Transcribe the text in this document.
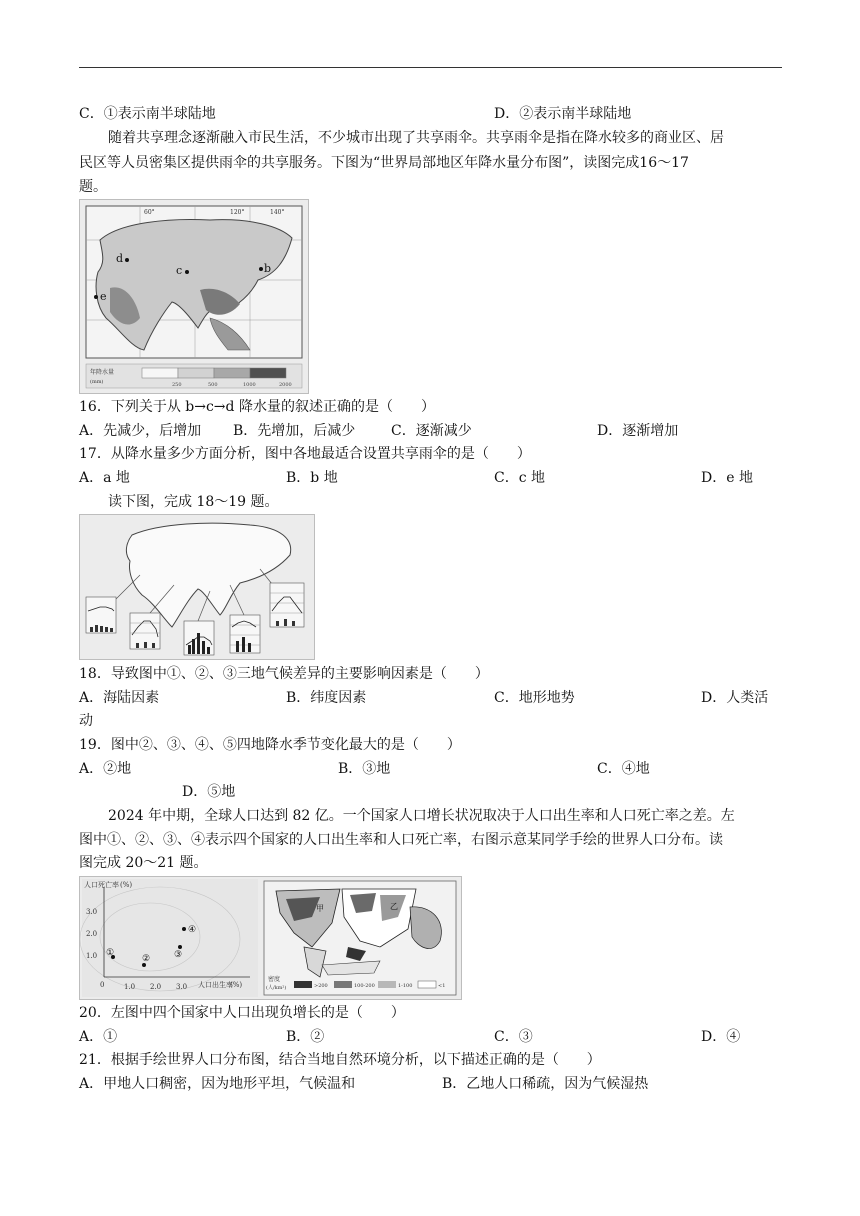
C．①表示南半球陆地	D．②表示南半球陆地
随着共享理念逐渐融入市民生活，不少城市出现了共享雨伞。共享雨伞是指在降水较多的商业区、居
民区等人员密集区提供雨伞的共享服务。下图为“世界局部地区年降水量分布图”，读图完成16～17
题。
60°	120°	140°
d
c	b
e
年降水量
(mm)	250	500	1000	2000
16．下列关于从 b→c→d 降水量的叙述正确的是（　　）
A．先减少，后增加 B．先增加，后减少	C．逐渐减少	D．逐渐增加
17．从降水量多少方面分析，图中各地最适合设置共享雨伞的是（　　）
A．a 地	B．b 地	C．c 地	D．e 地
读下图，完成 18～19 题。
18．导致图中①、②、③三地气候差异的主要影响因素是（　　）
A．海陆因素	B．纬度因素	C．地形地势	D．人类活
动
19．图中②、③、④、⑤四地降水季节变化最大的是（　　）
A．②地	B．③地	C．④地
D．⑤地
2024 年中期，全球人口达到 82 亿。一个国家人口增长状况取决于人口出生率和人口死亡率之差。左
图中①、②、③、④表示四个国家的人口出生率和人口死亡率，右图示意某同学手绘的世界人口分布。读
图完成 20～21 题。
人口死亡率 (%)
3.0
2.0
1.0
0	1.0 2.0 3.0 人口出生率
(%)
①
②	③
④
甲	乙
密度
(人/km²)	>200	100-200	1-100	<1
20．左图中四个国家中人口出现负增长的是（　　）
A．①	B．②	C．③	D．④
21．根据手绘世界人口分布图，结合当地自然环境分析，以下描述正确的是（　　）
A．甲地人口稠密，因为地形平坦，气候温和	B．乙地人口稀疏，因为气候湿热
